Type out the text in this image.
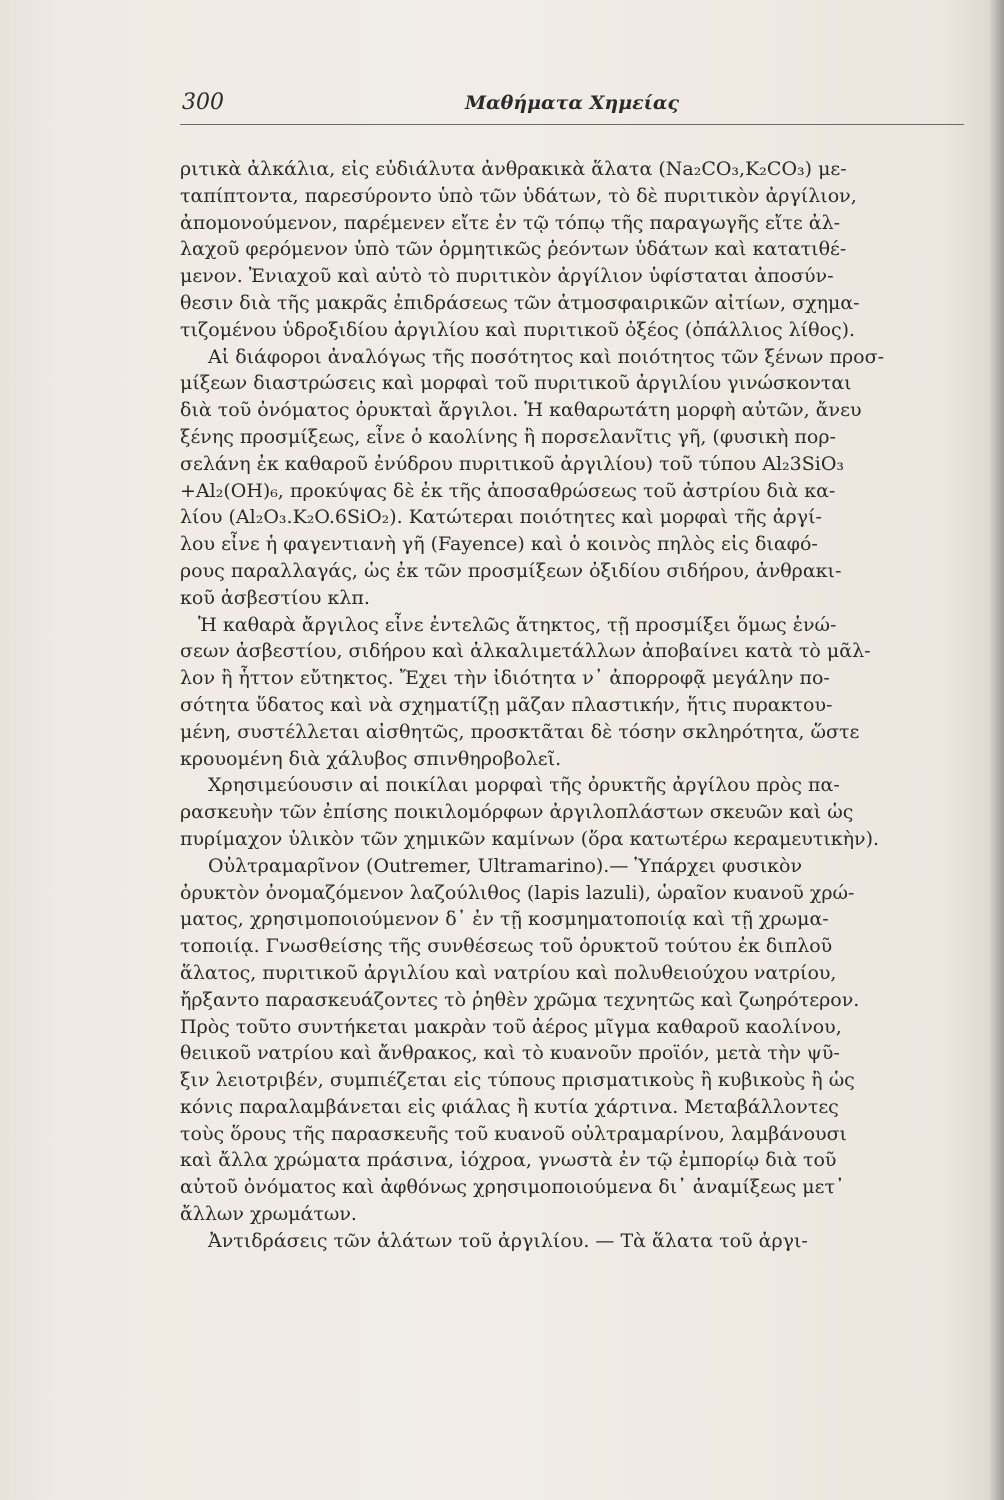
300	Μαθήματα Χημείας
ριτικὰ ἀλκάλια, εἰς εὐδιάλυτα ἀνθρακικὰ ἅλατα (Na₂CO₃,K₂CO₃) με-
ταπίπτοντα, παρεσύροντο ὑπὸ τῶν ὑδάτων, τὸ δὲ πυριτικὸν ἀργίλιον,
ἀπομονούμενον, παρέμενεν εἴτε ἐν τῷ τόπῳ τῆς παραγωγῆς εἴτε ἀλ-
λαχοῦ φερόμενον ὑπὸ τῶν ὁρμητικῶς ῥεόντων ὑδάτων καὶ κατατιθέ-
μενον. Ἐνιαχοῦ καὶ αὐτὸ τὸ πυριτικὸν ἀργίλιον ὑφίσταται ἀποσύν-
θεσιν διὰ τῆς μακρᾶς ἐπιδράσεως τῶν ἀτμοσφαιρικῶν αἰτίων, σχημα-
τιζομένου ὑδροξιδίου ἀργιλίου καὶ πυριτικοῦ ὀξέος (ὀπάλλιος λίθος).
Αἱ διάφοροι ἀναλόγως τῆς ποσότητος καὶ ποιότητος τῶν ξένων προσ-
μίξεων διαστρώσεις καὶ μορφαὶ τοῦ πυριτικοῦ ἀργιλίου γινώσκονται
διὰ τοῦ ὀνόματος ὀρυκταὶ ἄργιλοι. Ἡ καθαρωτάτη μορφὴ αὐτῶν, ἄνευ
ξένης προσμίξεως, εἶνε ὁ καολίνης ἢ πορσελανῖτις γῆ, (φυσικὴ πορ-
σελάνη ἐκ καθαροῦ ἐνύδρου πυριτικοῦ ἀργιλίου) τοῦ τύπου Al₂3SiO₃
+Al₂(OH)₆, προκύψας δὲ ἐκ τῆς ἀποσαθρώσεως τοῦ ἀστρίου διὰ κα-
λίου (Al₂O₃.K₂O.6SiO₂). Κατώτεραι ποιότητες καὶ μορφαὶ τῆς ἀργί-
λου εἶνε ἡ φαγεντιανὴ γῆ (Fayence) καὶ ὁ κοινὸς πηλὸς εἰς διαφό-
ρους παραλλαγάς, ὡς ἐκ τῶν προσμίξεων ὀξιδίου σιδήρου, ἀνθρακι-
κοῦ ἀσβεστίου κλπ.
Ἡ καθαρὰ ἄργιλος εἶνε ἐντελῶς ἄτηκτος, τῇ προσμίξει ὅμως ἑνώ-
σεων ἀσβεστίου, σιδήρου καὶ ἀλκαλιμετάλλων ἀποβαίνει κατὰ τὸ μᾶλ-
λον ἢ ἧττον εὔτηκτος. Ἔχει τὴν ἰδιότητα ν᾽ ἀπορροφᾷ μεγάλην πο-
σότητα ὕδατος καὶ νὰ σχηματίζῃ μᾶζαν πλαστικήν, ἥτις πυρακτου-
μένη, συστέλλεται αἰσθητῶς, προσκτᾶται δὲ τόσην σκληρότητα, ὥστε
κρουομένη διὰ χάλυβος σπινθηροβολεῖ.
Χρησιμεύουσιν αἱ ποικίλαι μορφαὶ τῆς ὀρυκτῆς ἀργίλου πρὸς πα-
ρασκευὴν τῶν ἐπίσης ποικιλομόρφων ἀργιλοπλάστων σκευῶν καὶ ὡς
πυρίμαχον ὑλικὸν τῶν χημικῶν καμίνων (ὅρα κατωτέρω κεραμευτικὴν).
Οὐλτραμαρῖνον (Outremer, Ultramarino).— Ὑπάρχει φυσικὸν
ὀρυκτὸν ὀνομαζόμενον λαζούλιθος (lapis lazuli), ὡραῖον κυανοῦ χρώ-
ματος, χρησιμοποιούμενον δ᾽ ἐν τῇ κοσμηματοποιίᾳ καὶ τῇ χρωμα-
τοποιίᾳ. Γνωσθείσης τῆς συνθέσεως τοῦ ὀρυκτοῦ τούτου ἐκ διπλοῦ
ἅλατος, πυριτικοῦ ἀργιλίου καὶ νατρίου καὶ πολυθειούχου νατρίου,
ἤρξαντο παρασκευάζοντες τὸ ῥηθὲν χρῶμα τεχνητῶς καὶ ζωηρότερον.
Πρὸς τοῦτο συντήκεται μακρὰν τοῦ ἀέρος μῖγμα καθαροῦ καολίνου,
θειικοῦ νατρίου καὶ ἄνθρακος, καὶ τὸ κυανοῦν προϊόν, μετὰ τὴν ψῦ-
ξιν λειοτριβέν, συμπιέζεται εἰς τύπους πρισματικοὺς ἢ κυβικοὺς ἢ ὡς
κόνις παραλαμβάνεται εἰς φιάλας ἢ κυτία χάρτινα. Μεταβάλλοντες
τοὺς ὅρους τῆς παρασκευῆς τοῦ κυανοῦ οὐλτραμαρίνου, λαμβάνουσι
καὶ ἄλλα χρώματα πράσινα, ἰόχροα, γνωστὰ ἐν τῷ ἐμπορίῳ διὰ τοῦ
αὐτοῦ ὀνόματος καὶ ἀφθόνως χρησιμοποιούμενα δι᾽ ἀναμίξεως μετ᾽
ἄλλων χρωμάτων.
Ἀντιδράσεις τῶν ἁλάτων τοῦ ἀργιλίου. — Τὰ ἅλατα τοῦ ἀργι-
